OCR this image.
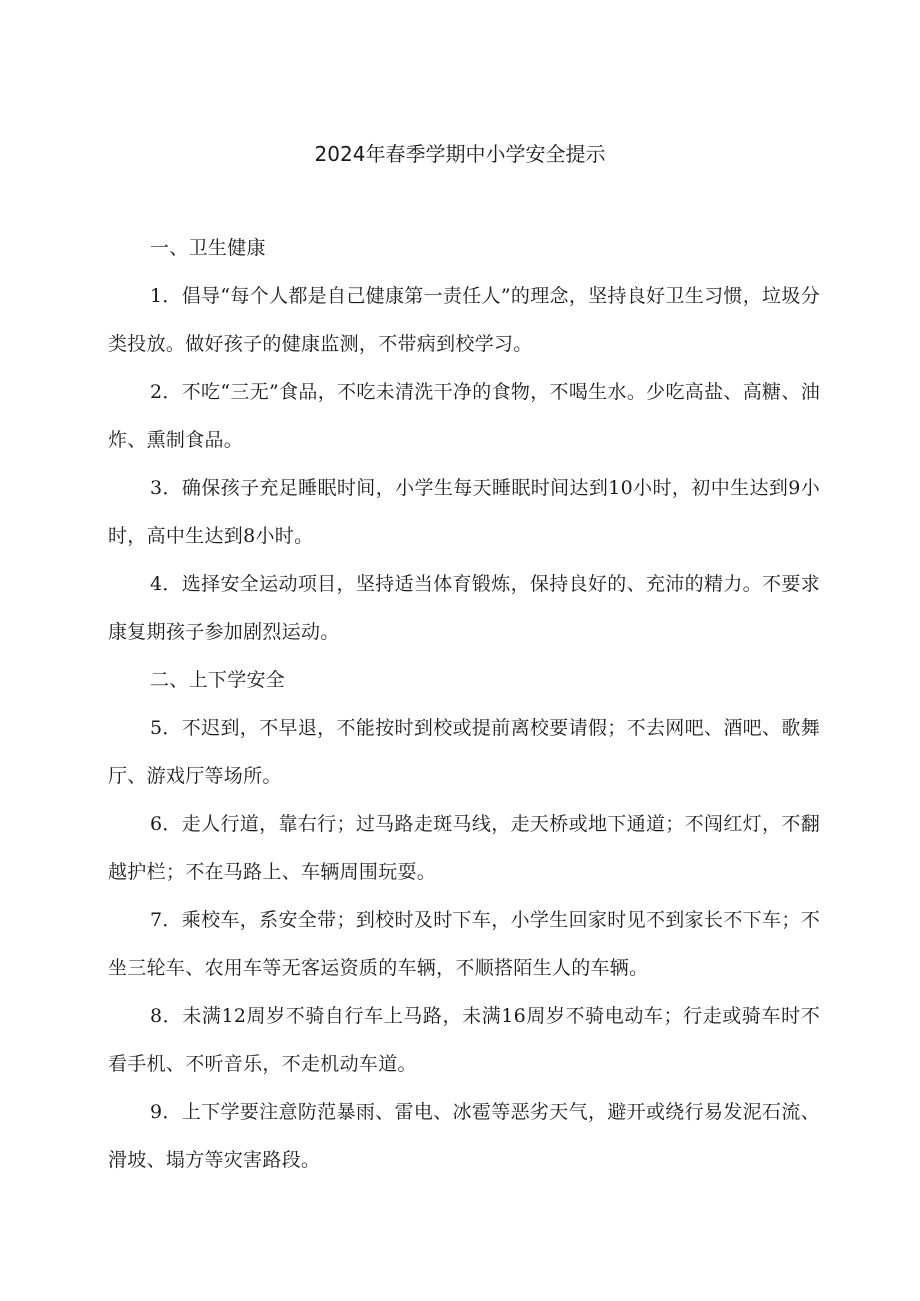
2024年春季学期中小学安全提示

一、卫生健康

1．倡导“每个人都是自己健康第一责任人”的理念，坚持良好卫生习惯，垃圾分类投放。做好孩子的健康监测，不带病到校学习。

2．不吃“三无”食品，不吃未清洗干净的食物，不喝生水。少吃高盐、高糖、油炸、熏制食品。

3．确保孩子充足睡眠时间，小学生每天睡眠时间达到10小时，初中生达到9小时，高中生达到8小时。

4．选择安全运动项目，坚持适当体育锻炼，保持良好的、充沛的精力。不要求康复期孩子参加剧烈运动。

二、上下学安全

5．不迟到，不早退，不能按时到校或提前离校要请假；不去网吧、酒吧、歌舞厅、游戏厅等场所。

6．走人行道，靠右行；过马路走斑马线，走天桥或地下通道；不闯红灯，不翻越护栏；不在马路上、车辆周围玩耍。

7．乘校车，系安全带；到校时及时下车，小学生回家时见不到家长不下车；不坐三轮车、农用车等无客运资质的车辆，不顺搭陌生人的车辆。

8．未满12周岁不骑自行车上马路，未满16周岁不骑电动车；行走或骑车时不看手机、不听音乐，不走机动车道。

9．上下学要注意防范暴雨、雷电、冰雹等恶劣天气，避开或绕行易发泥石流、滑坡、塌方等灾害路段。
